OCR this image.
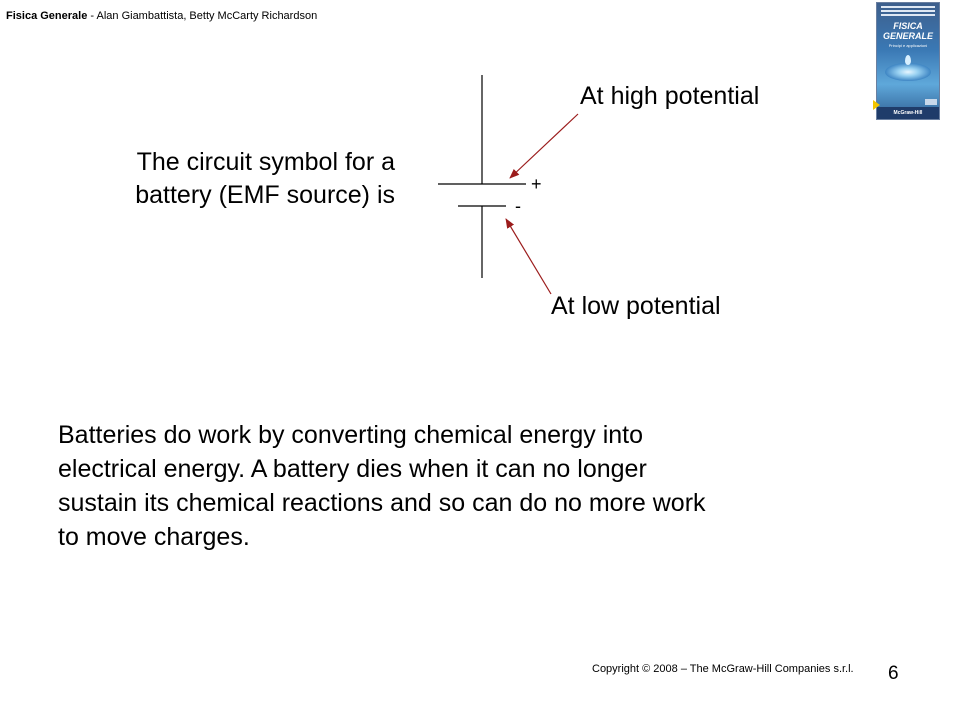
Fisica Generale - Alan Giambattista, Betty McCarty Richardson
FISICA
GENERALE
Principi e applicazioni
McGraw-Hill
The circuit symbol for a
battery (EMF source) is	+
-
At high potential
At low potential
Batteries do work by converting chemical energy into
electrical energy. A battery dies when it can no longer
sustain its chemical reactions and so can do no more work
to move charges.
Copyright © 2008 – The McGraw-Hill Companies s.r.l. 6
